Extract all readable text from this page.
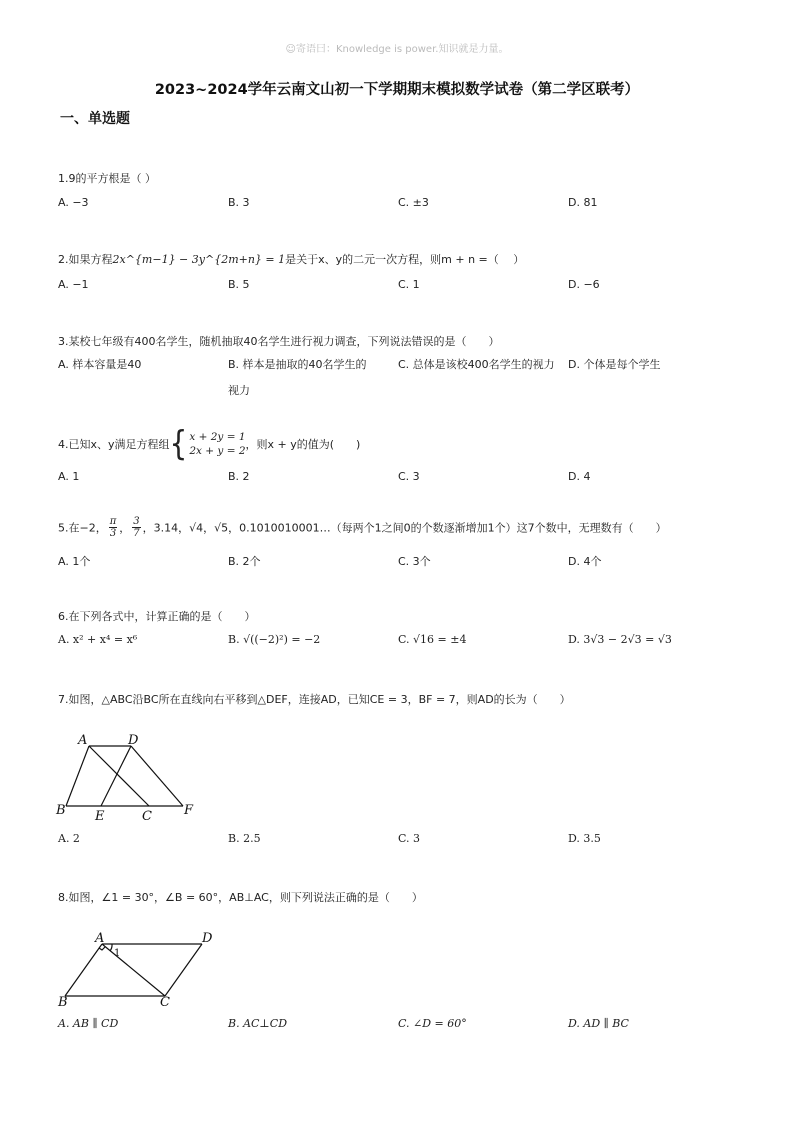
☺寄语曰：Knowledge is power.知识就是力量。
2023~2024学年云南文山初一下学期期末模拟数学试卷（第二学区联考）
一、单选题
1.9的平方根是（ ）
A. −3	B. 3	C. ±3	D. 81
2.如果方程2x^{m−1} − 3y^{2m+n} = 1是关于x、y的二元一次方程，则m + n =（　 ）
A. −1	B. 5	C. 1	D. −6
3.某校七年级有400名学生，随机抽取40名学生进行视力调查，下列说法错误的是（　　）
A. 样本容量是40	B. 样本是抽取的40名学生的视力
C. 总体是该校400名学生的视力	D. 个体是每个学生
4.已知x、y满足方程组{ x + 2y = 1
2x + y = 2 ，则x + y的值为(　　)
A. 1	B. 2	C. 3	D. 4
5.在−2， $\frac{\pi}{3}$ ， $\frac{3}{7}$ ，3.14，√4，√5，0.1010010001…（每两个1之间0的个数逐渐增加1个）这7个数中，无理数有（　　）
A. 1个	B. 2个	C. 3个	D. 4个
6.在下列各式中，计算正确的是（　　）
A. x² + x⁴ = x⁶	B. √((−2)²) = −2	C. √16 = ±4	D. 3√3 − 2√3 = √3
7.如图，△ABC沿BC所在直线向右平移到△DEF，连接AD，已知CE = 3，BF = 7，则AD的长为（　　）
A	D
B E	C F
A. 2	B. 2.5	C. 3	D. 3.5
8.如图，∠1 = 30°，∠B = 60°，AB⊥AC，则下列说法正确的是（　　）
A	D
B	C
1
A. AB ∥ CD	B. AC⊥CD	C. ∠D = 60°	D. AD ∥ BC
